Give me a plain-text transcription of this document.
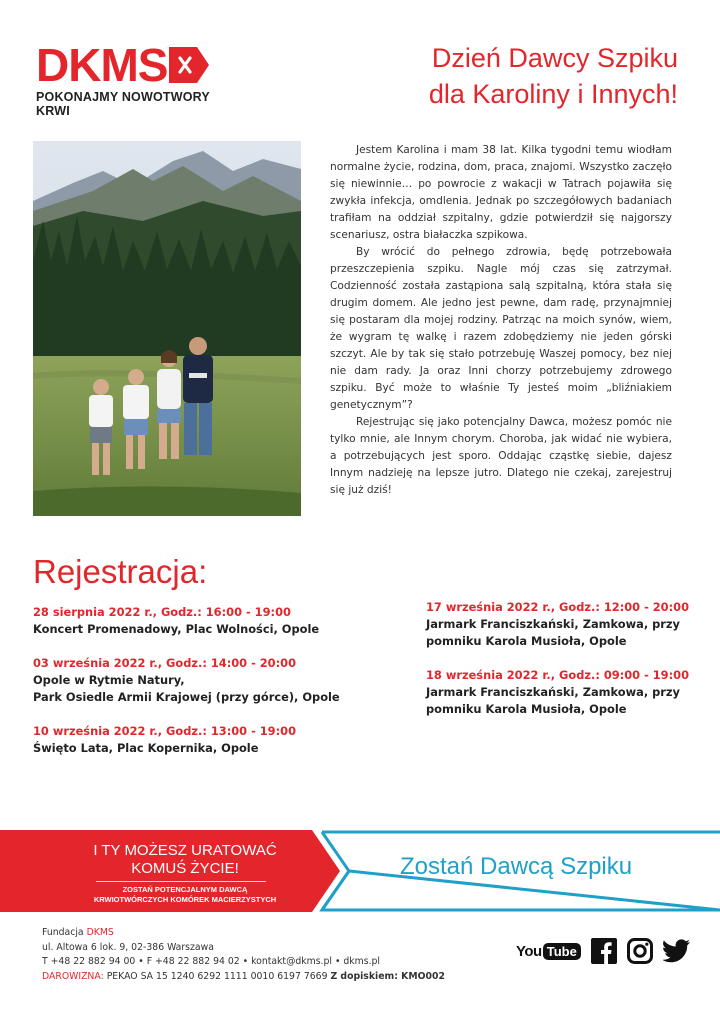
DKMS
POKONAJMY NOWOTWORY KRWI
Dzień Dawcy Szpiku
dla Karoliny i Innych!

Jestem Karolina i mam 38 lat. Kilka tygodni temu wiodłam normalne życie, rodzina, dom, praca, znajomi. Wszystko zaczęło się niewinnie… po powrocie z wakacji w Tatrach pojawiła się zwykła infekcja, omdlenia. Jednak po szczegółowych badaniach trafiłam na oddział szpitalny, gdzie potwierdził się najgorszy scenariusz, ostra białaczka szpikowa.

By wrócić do pełnego zdrowia, będę potrzebowała przeszczepienia szpiku. Nagle mój czas się zatrzymał. Codzienność została zastąpiona salą szpitalną, która stała się drugim domem. Ale jedno jest pewne, dam radę, przynajmniej się postaram dla mojej rodziny. Patrząc na moich synów, wiem, że wygram tę walkę i razem zdobędziemy nie jeden górski szczyt. Ale by tak się stało potrzebuję Waszej pomocy, bez niej nie dam rady. Ja oraz Inni chorzy potrzebujemy zdrowego szpiku. Być może to właśnie Ty jesteś moim „bliźniakiem genetycznym”?

Rejestrując się jako potencjalny Dawca, możesz pomóc nie tylko mnie, ale Innym chorym. Choroba, jak widać nie wybiera, a potrzebujących jest sporo. Oddając cząstkę siebie, dajesz Innym nadzieję na lepsze jutro. Dlatego nie czekaj, zarejestruj się już dziś!

Rejestracja:
28 sierpnia 2022 r., Godz.: 16:00 - 19:00
Koncert Promenadowy, Plac Wolności, Opole
03 września 2022 r., Godz.: 14:00 - 20:00
Opole w Rytmie Natury,
Park Osiedle Armii Krajowej (przy górce), Opole
10 września 2022 r., Godz.: 13:00 - 19:00
Święto Lata, Plac Kopernika, Opole
17 września 2022 r., Godz.: 12:00 - 20:00
Jarmark Franciszkański, Zamkowa, przy
pomniku Karola Musioła, Opole
18 września 2022 r., Godz.: 09:00 - 19:00
Jarmark Franciszkański, Zamkowa, przy
pomniku Karola Musioła, Opole
I TY MOŻESZ URATOWAĆ
KOMUŚ ŻYCIE!
ZOSTAŃ POTENCJALNYM DAWCĄ
KRWIOTWÓRCZYCH KOMÓREK MACIERZYSTYCH
Zostań Dawcą Szpiku
Fundacja DKMS
ul. Altowa 6 lok. 9, 02-386 Warszawa
T +48 22 882 94 00 • F +48 22 882 94 02 • kontakt@dkms.pl • dkms.pl
DAROWIZNA: PEKAO SA 15 1240 6292 1111 0010 6197 7669 Z dopiskiem: KMO002
You Tube
